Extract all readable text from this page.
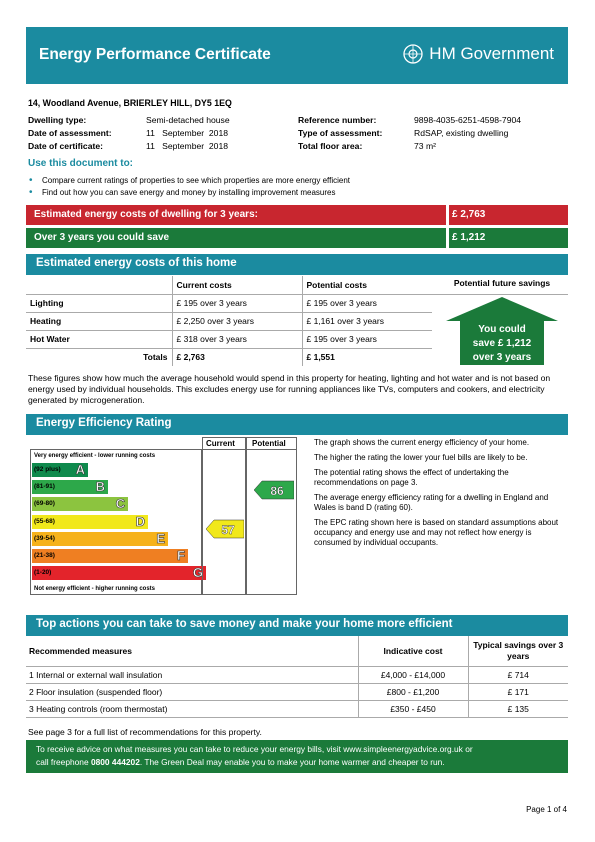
Energy Performance Certificate	HM Government
14, Woodland Avenue, BRIERLEY HILL, DY5 1EQ
Dwelling type:	Semi-detached house
Date of assessment:	11   September  2018
Date of certificate:	11   September  2018
Reference number:	9898-4035-6251-4598-7904
Type of assessment:	RdSAP, existing dwelling
Total floor area:	73 m²
Use this document to:
• Compare current ratings of properties to see which properties are more energy efficient
• Find out how you can save energy and money by installing improvement measures
Estimated energy costs of dwelling for 3 years:	£ 2,763
Over 3 years you could save	£ 1,212
Estimated energy costs of this home
	Current costs	Potential costs
Lighting	£ 195 over 3 years	£ 195 over 3 years
Heating	£ 2,250 over 3 years	£ 1,161 over 3 years
Hot Water	£ 318 over 3 years	£ 195 over 3 years
Totals	£ 2,763	£ 1,551
Potential future savings
You could
save £ 1,212
over 3 years
These figures show how much the average household would spend in this property for heating, lighting and hot water and is not based on energy used by individual households. This excludes energy use for running appliances like TVs, computers and cookers, and electricity generated by microgeneration.
Energy Efficiency Rating
Very energy efficient - lower running costs
(92 plus) A
(81-91)	B
(69-80)	C
(55-68)	D
(39-54)	E
(21-38)	F
(1-20)	G
Not energy efficient - higher running costs
Current Potential
57
86

The graph shows the current energy efficiency of your home.

The higher the rating the lower your fuel bills are likely to be.

The potential rating shows the effect of undertaking the recommendations on page 3.

The average energy efficiency rating for a dwelling in England and Wales is band D (rating 60).

The EPC rating shown here is based on standard assumptions about occupancy and energy use and may not reflect how energy is consumed by individual occupants.

Top actions you can take to save money and make your home more efficient
Recommended measures	Indicative cost	Typical savings over 3 years
1 Internal or external wall insulation	£4,000 - £14,000	£ 714
2 Floor insulation (suspended floor)	£800 - £1,200	£ 171
3 Heating controls (room thermostat)	£350 - £450	£ 135
See page 3 for a full list of recommendations for this property.
To receive advice on what measures you can take to reduce your energy bills, visit www.simpleenergyadvice.org.uk or
call freephone 0800 444202. The Green Deal may enable you to make your home warmer and cheaper to run.
Page 1 of 4
